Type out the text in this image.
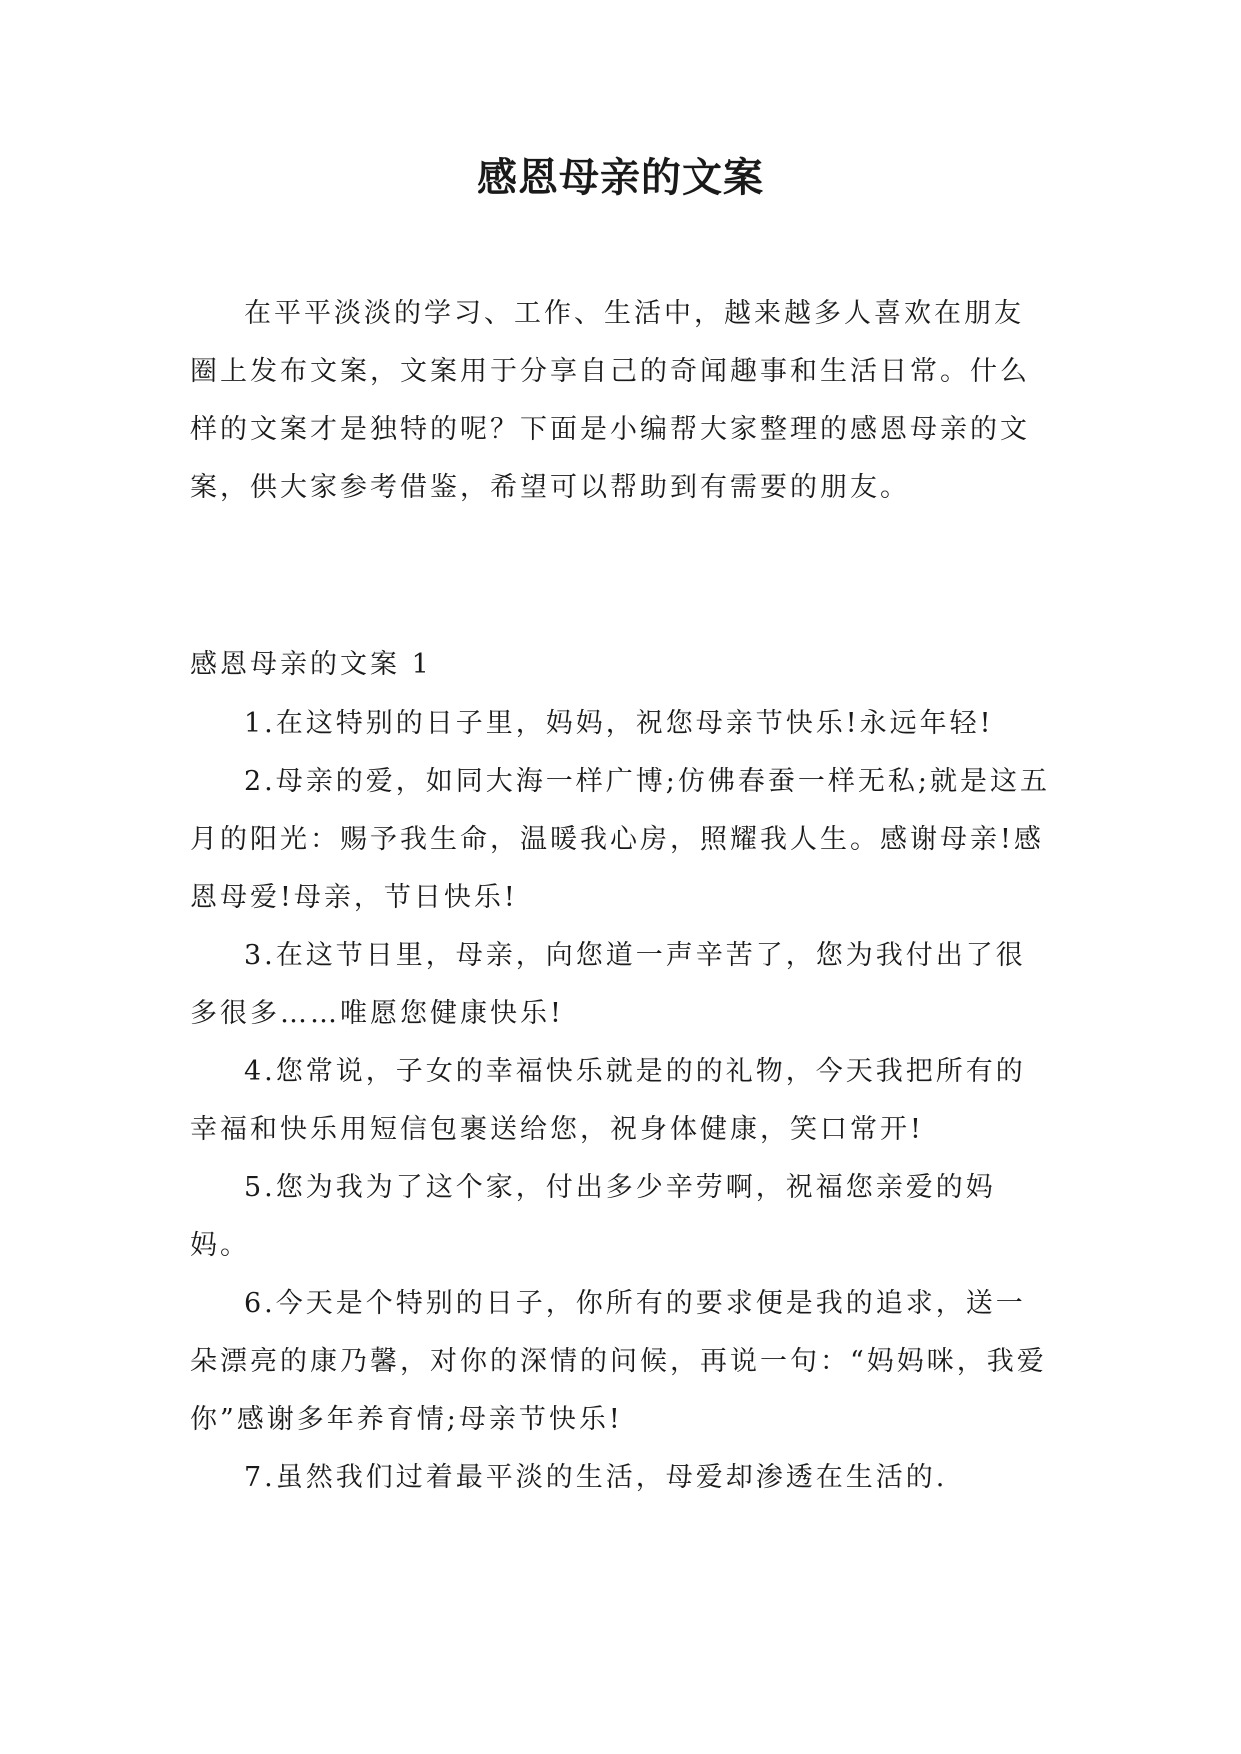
感恩母亲的文案

在平平淡淡的学习、工作、生活中，越来越多人喜欢在朋友圈上发布文案，文案用于分享自己的奇闻趣事和生活日常。什么样的文案才是独特的呢？下面是小编帮大家整理的感恩母亲的文案，供大家参考借鉴，希望可以帮助到有需要的朋友。

感恩母亲的文案 1

1.在这特别的日子里，妈妈，祝您母亲节快乐!永远年轻!

2.母亲的爱，如同大海一样广博;仿佛春蚕一样无私;就是这五月的阳光：赐予我生命，温暖我心房，照耀我人生。感谢母亲!感恩母爱!母亲，节日快乐!

3.在这节日里，母亲，向您道一声辛苦了，您为我付出了很多很多……唯愿您健康快乐!

4.您常说，子女的幸福快乐就是的的礼物，今天我把所有的幸福和快乐用短信包裹送给您，祝身体健康，笑口常开!

5.您为我为了这个家，付出多少辛劳啊，祝福您亲爱的妈妈。

6.今天是个特别的日子，你所有的要求便是我的追求，送一朵漂亮的康乃馨，对你的深情的问候，再说一句：“妈妈咪，我爱你”感谢多年养育情;母亲节快乐!

7.虽然我们过着最平淡的生活，母爱却渗透在生活的.
